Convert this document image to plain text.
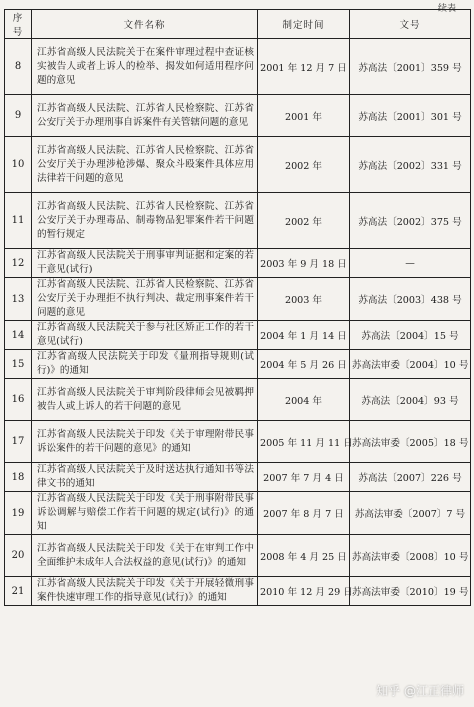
续表
序号	文件名称	制定时间	文号
8	江苏省高级人民法院关于在案件审理过程中查证核实被告人或者上诉人的检举、揭发如何适用程序问题的意见	2001 年 12 月 7 日	苏高法〔2001〕359 号
9	江苏省高级人民法院、江苏省人民检察院、江苏省公安厅关于办理刑事自诉案件有关管辖问题的意见	2001 年	苏高法〔2001〕301 号
10	江苏省高级人民法院、江苏省人民检察院、江苏省公安厅关于办理涉枪涉爆、聚众斗殴案件具体应用法律若干问题的意见	2002 年	苏高法〔2002〕331 号
11	江苏省高级人民法院、江苏省人民检察院、江苏省公安厅关于办理毒品、制毒物品犯罪案件若干问题的暂行规定	2002 年	苏高法〔2002〕375 号
12	江苏省高级人民法院关于刑事审判证据和定案的若干意见(试行)	2003 年 9 月 18 日	—
13	江苏省高级人民法院、江苏省人民检察院、江苏省公安厅关于办理拒不执行判决、裁定刑事案件若干问题的意见	2003 年	苏高法〔2003〕438 号
14	江苏省高级人民法院关于参与社区矫正工作的若干意见(试行)	2004 年 1 月 14 日	苏高法〔2004〕15 号
15	江苏省高级人民法院关于印发《量刑指导规则(试行)》的通知	2004 年 5 月 26 日	苏高法审委〔2004〕10 号
16	江苏省高级人民法院关于审判阶段律师会见被羁押被告人或上诉人的若干问题的意见	2004 年	苏高法〔2004〕93 号
17	江苏省高级人民法院关于印发《关于审理附带民事诉讼案件的若干问题的意见》的通知	2005 年 11 月 11 日	苏高法审委〔2005〕18 号
18	江苏省高级人民法院关于及时送达执行通知书等法律文书的通知	2007 年 7 月 4 日	苏高法〔2007〕226 号
19	江苏省高级人民法院关于印发《关于刑事附带民事诉讼调解与赔偿工作若干问题的规定(试行)》的通知	2007 年 8 月 7 日	苏高法审委〔2007〕7 号
20	江苏省高级人民法院关于印发《关于在审判工作中全面维护未成年人合法权益的意见(试行)》的通知	2008 年 4 月 25 日	苏高法审委〔2008〕10 号
21	江苏省高级人民法院关于印发《关于开展轻微刑事案件快速审理工作的指导意见(试行)》的通知	2010 年 12 月 29 日	苏高法审委〔2010〕19 号
知乎 @江正律师
